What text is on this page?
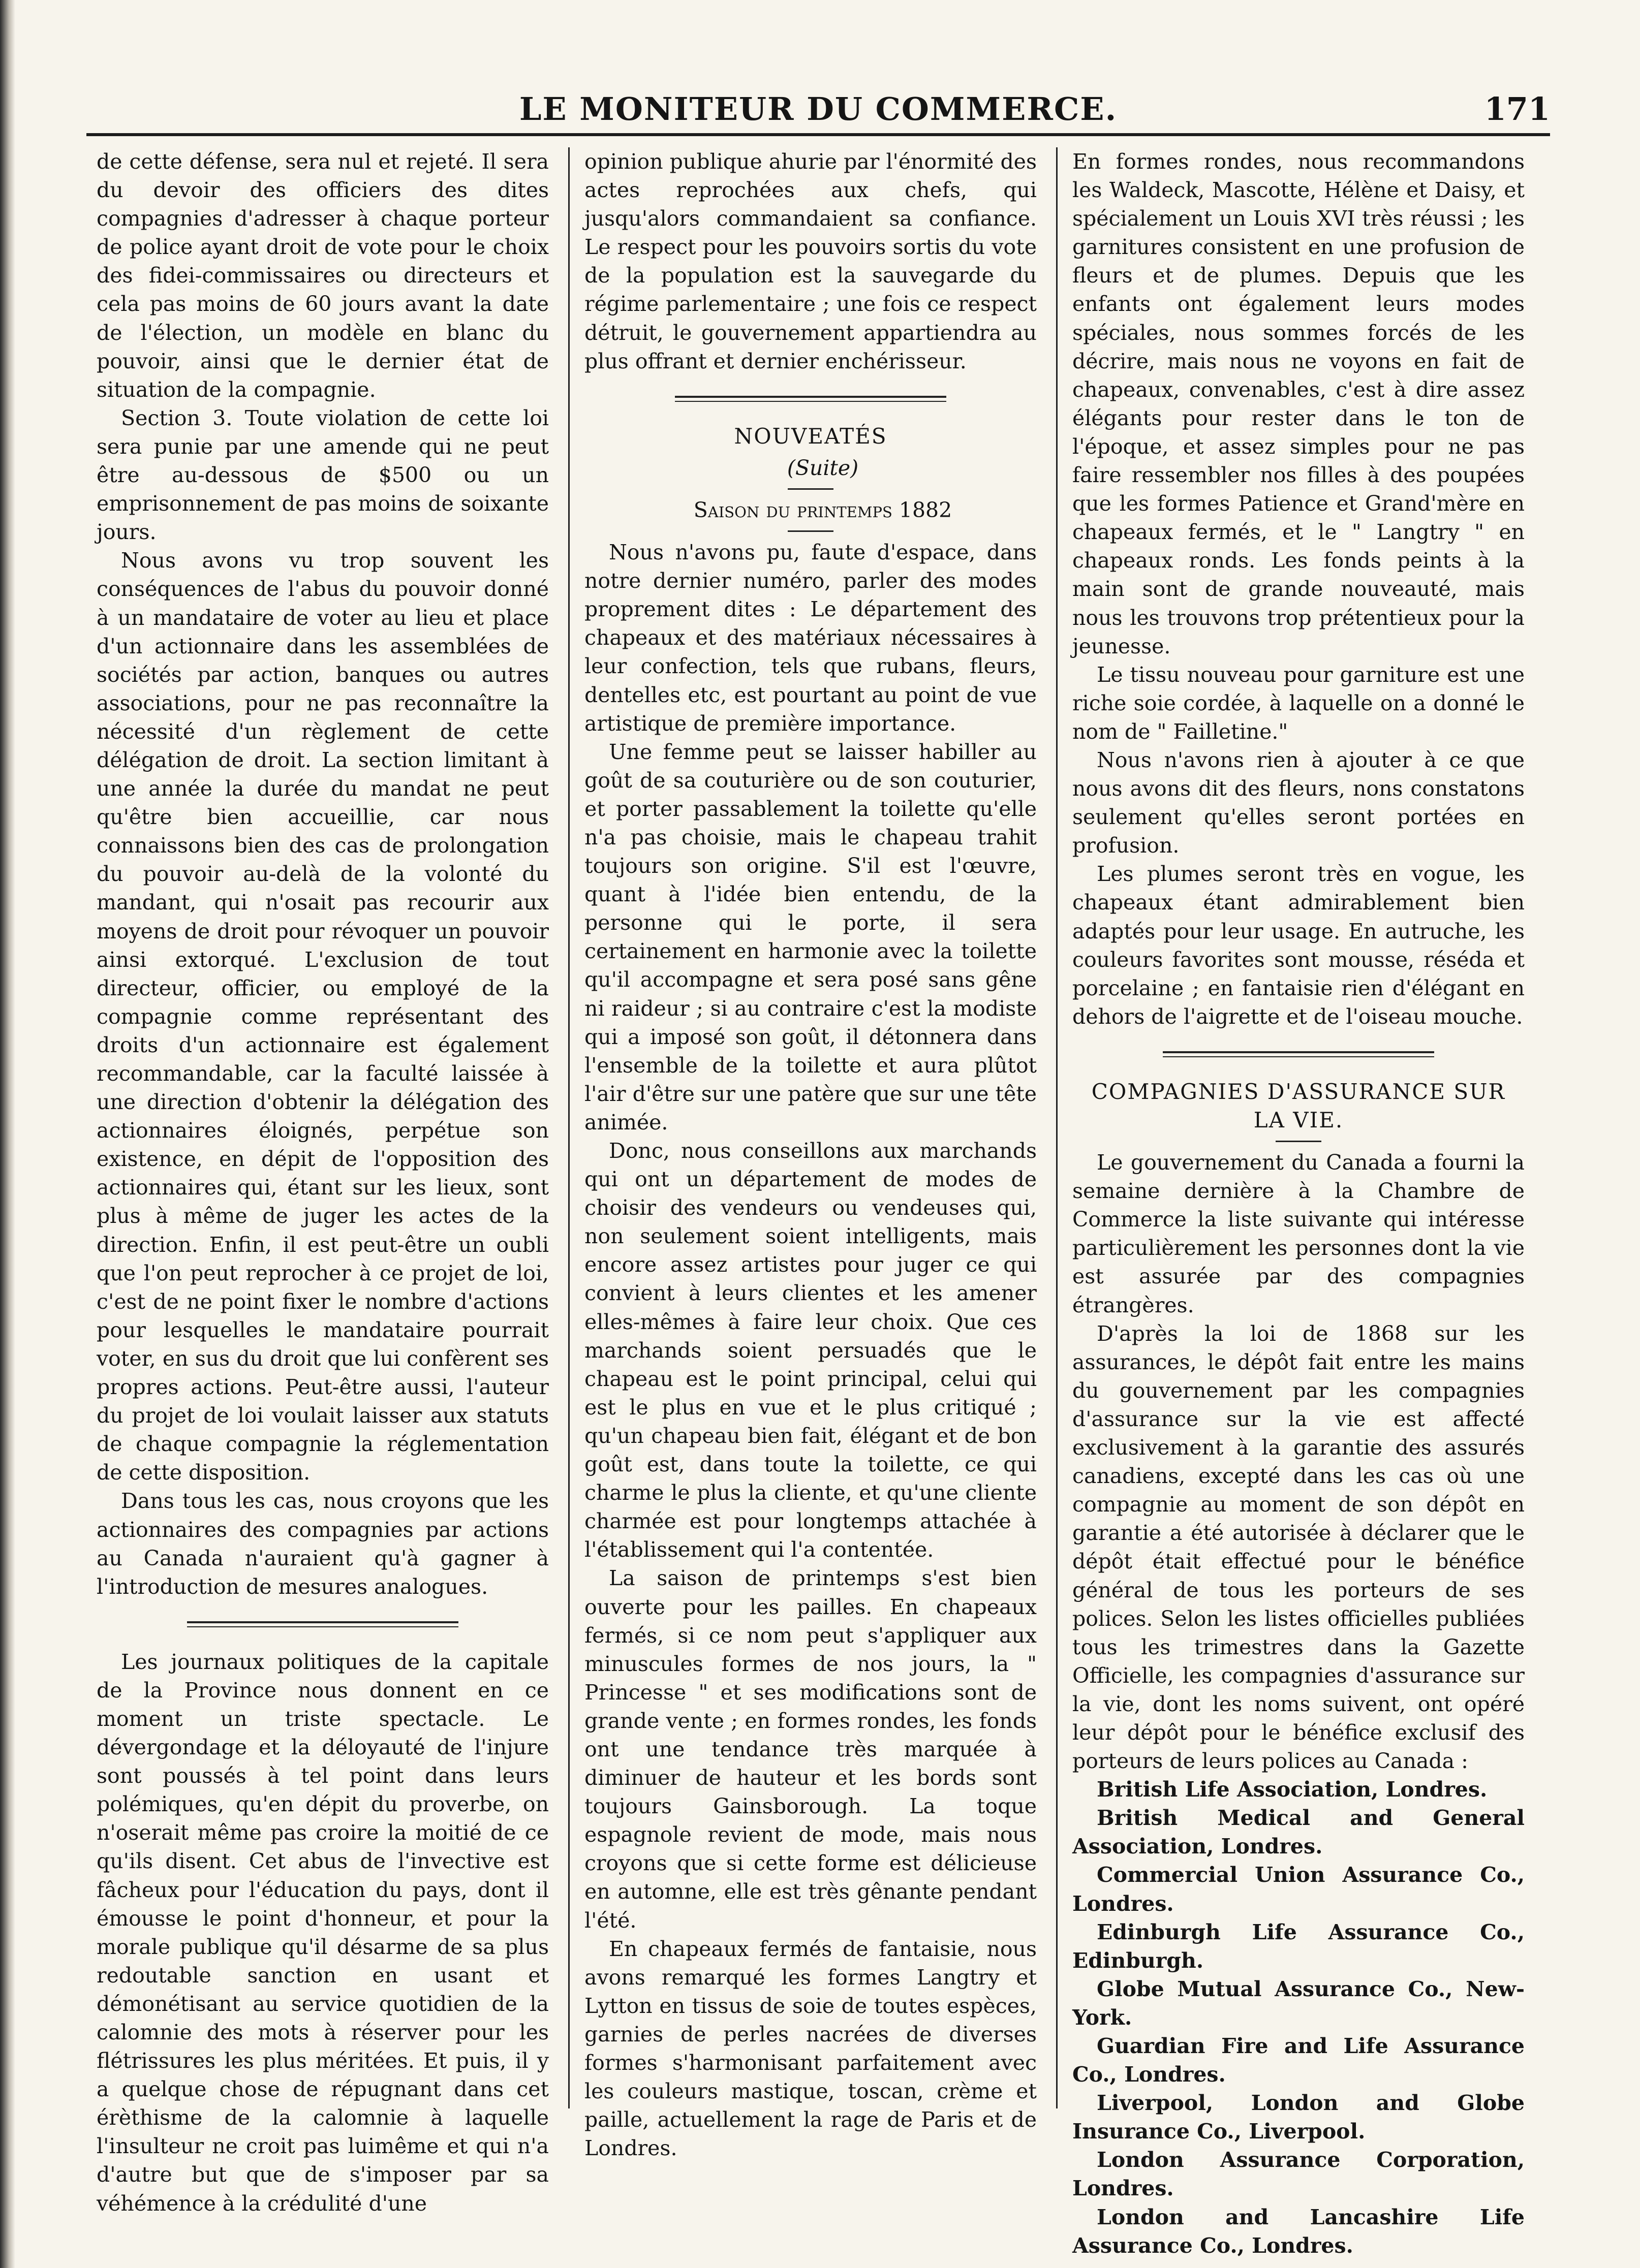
LE MONITEUR DU COMMERCE.	171

de cette défense, sera nul et rejeté. Il sera du devoir des officiers des dites compagnies d'adresser à chaque porteur de police ayant droit de vote pour le choix des fidei-commissaires ou directeurs et cela pas moins de 60 jours avant la date de l'élection, un modèle en blanc du pouvoir, ainsi que le dernier état de situation de la compagnie.

Section 3. Toute violation de cette loi sera punie par une amende qui ne peut être au-dessous de $500 ou un emprisonnement de pas moins de soixante jours.

Nous avons vu trop souvent les conséquences de l'abus du pouvoir donné à un mandataire de voter au lieu et place d'un actionnaire dans les assemblées de sociétés par action, banques ou autres associations, pour ne pas reconnaître la nécessité d'un règlement de cette délégation de droit. La section limitant à une année la durée du mandat ne peut qu'être bien accueillie, car nous connaissons bien des cas de prolongation du pouvoir au-delà de la volonté du mandant, qui n'osait pas recourir aux moyens de droit pour révoquer un pouvoir ainsi extorqué. L'exclusion de tout directeur, officier, ou employé de la compagnie comme représentant des droits d'un actionnaire est également recommandable, car la faculté laissée à une direction d'obtenir la délégation des actionnaires éloignés, perpétue son existence, en dépit de l'opposition des actionnaires qui, étant sur les lieux, sont plus à même de juger les actes de la direction. Enfin, il est peut-être un oubli que l'on peut reprocher à ce projet de loi, c'est de ne point fixer le nombre d'actions pour lesquelles le mandataire pourrait voter, en sus du droit que lui confèrent ses propres actions. Peut-être aussi, l'auteur du projet de loi voulait laisser aux statuts de chaque compagnie la réglementation de cette disposition.

Dans tous les cas, nous croyons que les actionnaires des compagnies par actions au Canada n'auraient qu'à gagner à l'introduction de mesures analogues.

Les journaux politiques de la capitale de la Province nous donnent en ce moment un triste spectacle. Le dévergondage et la déloyauté de l'injure sont poussés à tel point dans leurs polémiques, qu'en dépit du proverbe, on n'oserait même pas croire la moitié de ce qu'ils disent. Cet abus de l'invective est fâcheux pour l'éducation du pays, dont il émousse le point d'honneur, et pour la morale publique qu'il désarme de sa plus redoutable sanction en usant et démonétisant au service quotidien de la calomnie des mots à réserver pour les flétrissures les plus méritées. Et puis, il y a quelque chose de répugnant dans cet érèthisme de la calomnie à laquelle l'insulteur ne croit pas luimême et qui n'a d'autre but que de s'imposer par sa véhémence à la crédulité d'une

opinion publique ahurie par l'énormité des actes reprochées aux chefs, qui jusqu'alors commandaient sa confiance. Le respect pour les pouvoirs sortis du vote de la population est la sauvegarde du régime parlementaire ; une fois ce respect détruit, le gouvernement appartiendra au plus offrant et dernier enchérisseur.

NOUVEATÉS

(Suite)

Saison du printemps 1882

Nous n'avons pu, faute d'espace, dans notre dernier numéro, parler des modes proprement dites : Le département des chapeaux et des matériaux nécessaires à leur confection, tels que rubans, fleurs, dentelles etc, est pourtant au point de vue artistique de première importance.

Une femme peut se laisser habiller au goût de sa couturière ou de son couturier, et porter passablement la toilette qu'elle n'a pas choisie, mais le chapeau trahit toujours son origine. S'il est l'œuvre, quant à l'idée bien entendu, de la personne qui le porte, il sera certainement en harmonie avec la toilette qu'il accompagne et sera posé sans gêne ni raideur ; si au contraire c'est la modiste qui a imposé son goût, il détonnera dans l'ensemble de la toilette et aura plûtot l'air d'être sur une patère que sur une tête animée.

Donc, nous conseillons aux marchands qui ont un département de modes de choisir des vendeurs ou vendeuses qui, non seulement soient intelligents, mais encore assez artistes pour juger ce qui convient à leurs clientes et les amener elles-mêmes à faire leur choix. Que ces marchands soient persuadés que le chapeau est le point principal, celui qui est le plus en vue et le plus critiqué ; qu'un chapeau bien fait, élégant et de bon goût est, dans toute la toilette, ce qui charme le plus la cliente, et qu'une cliente charmée est pour longtemps attachée à l'établissement qui l'a contentée.

La saison de printemps s'est bien ouverte pour les pailles. En chapeaux fermés, si ce nom peut s'appliquer aux minuscules formes de nos jours, la " Princesse " et ses modifications sont de grande vente ; en formes rondes, les fonds ont une tendance très marquée à diminuer de hauteur et les bords sont toujours Gainsborough. La toque espagnole revient de mode, mais nous croyons que si cette forme est délicieuse en automne, elle est très gênante pendant l'été.

En chapeaux fermés de fantaisie, nous avons remarqué les formes Langtry et Lytton en tissus de soie de toutes espèces, garnies de perles nacrées de diverses formes s'harmonisant parfaitement avec les couleurs mastique, toscan, crème et paille, actuellement la rage de Paris et de Londres.

En formes rondes, nous recommandons les Waldeck, Mascotte, Hélène et Daisy, et spécialement un Louis XVI très réussi ; les garnitures consistent en une profusion de fleurs et de plumes. Depuis que les enfants ont également leurs modes spéciales, nous sommes forcés de les décrire, mais nous ne voyons en fait de chapeaux, convenables, c'est à dire assez élégants pour rester dans le ton de l'époque, et assez simples pour ne pas faire ressembler nos filles à des poupées que les formes Patience et Grand'mère en chapeaux fermés, et le " Langtry " en chapeaux ronds. Les fonds peints à la main sont de grande nouveauté, mais nous les trouvons trop prétentieux pour la jeunesse.

Le tissu nouveau pour garniture est une riche soie cordée, à laquelle on a donné le nom de " Failletine."

Nous n'avons rien à ajouter à ce que nous avons dit des fleurs, nons constatons seulement qu'elles seront portées en profusion.

Les plumes seront très en vogue, les chapeaux étant admirablement bien adaptés pour leur usage. En autruche, les couleurs favorites sont mousse, réséda et porcelaine ; en fantaisie rien d'élégant en dehors de l'aigrette et de l'oiseau mouche.

COMPAGNIES D'ASSURANCE SUR LA VIE.

Le gouvernement du Canada a fourni la semaine dernière à la Chambre de Commerce la liste suivante qui intéresse particulièrement les personnes dont la vie est assurée par des compagnies étrangères.

D'après la loi de 1868 sur les assurances, le dépôt fait entre les mains du gouvernement par les compagnies d'assurance sur la vie est affecté exclusivement à la garantie des assurés canadiens, excepté dans les cas où une compagnie au moment de son dépôt en garantie a été autorisée à déclarer que le dépôt était effectué pour le bénéfice général de tous les porteurs de ses polices. Selon les listes officielles publiées tous les trimestres dans la Gazette Officielle, les compagnies d'assurance sur la vie, dont les noms suivent, ont opéré leur dépôt pour le bénéfice exclusif des porteurs de leurs polices au Canada :

British Life Association, Londres.

British Medical and General Association, Londres.

Commercial Union Assurance Co., Londres.

Edinburgh Life Assurance Co., Edinburgh.

Globe Mutual Assurance Co., New-York.

Guardian Fire and Life Assurance Co., Londres.

Liverpool, London and Globe Insurance Co., Liverpool.

London Assurance Corporation, Londres.

London and Lancashire Life Assurance Co., Londres.
